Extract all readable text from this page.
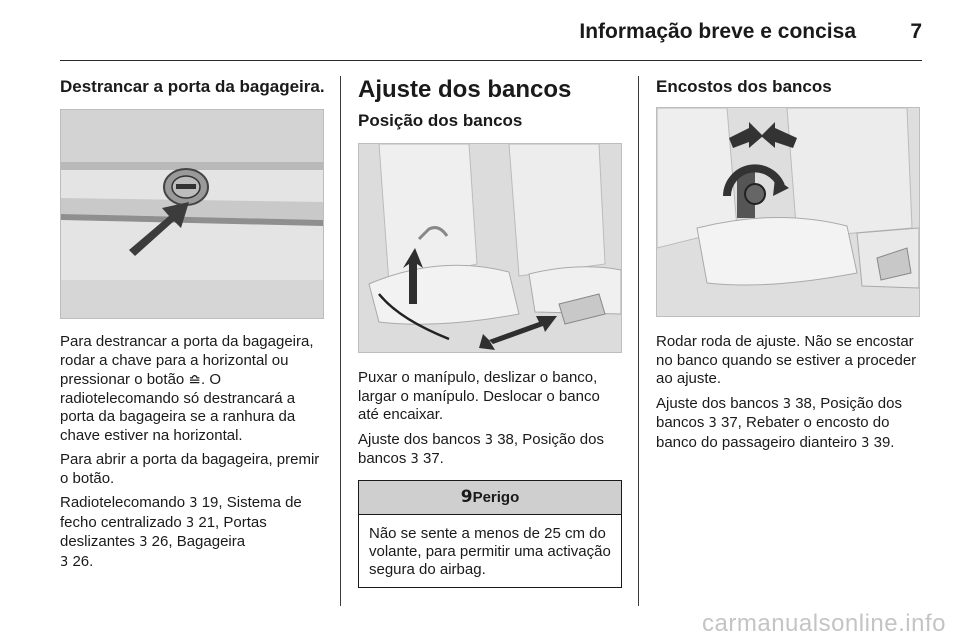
Informação breve e concisa	7
Destrancar a porta da bagageira.

Para destrancar a porta da bagageira, rodar a chave para a horizontal ou pressionar o botão ⪮. O radiotelecomando só destrancará a porta da bagageira se a ranhura da chave estiver na horizontal.

Para abrir a porta da bagageira, premir o botão.

Radiotelecomando 3 19, Sistema de fecho centralizado 3 21, Portas deslizantes 3 26, Bagageira
3 26.

Ajuste dos bancos
Posição dos bancos

Puxar o manípulo, deslizar o banco, largar o manípulo. Deslocar o banco até encaixar.

Ajuste dos bancos 3 38, Posição dos bancos 3 37.

9Perigo
Não se sente a menos de 25 cm do volante, para permitir uma activação segura do airbag.
Encostos dos bancos

Rodar roda de ajuste. Não se encostar no banco quando se estiver a proceder ao ajuste.

Ajuste dos bancos 3 38, Posição dos bancos 3 37, Rebater o encosto do banco do passageiro dianteiro 3 39.

carmanualsonline.info
